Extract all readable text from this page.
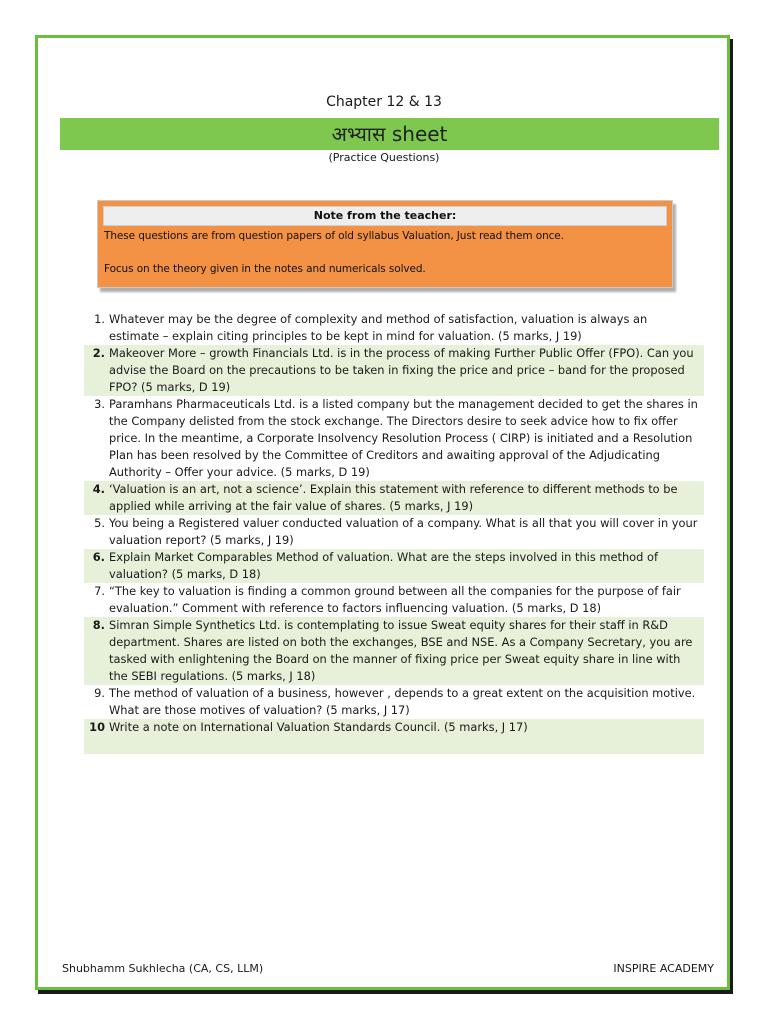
Chapter 12 & 13
अभ्यास sheet
(Practice Questions)
Note from the teacher:
These questions are from question papers of old syllabus Valuation, Just read them once.
Focus on the theory given in the notes and numericals solved.
1. Whatever may be the degree of complexity and method of satisfaction, valuation is always an estimate – explain citing principles to be kept in mind for valuation. (5 marks, J 19)
2. Makeover More – growth Financials Ltd. is in the process of making Further Public Offer (FPO). Can you advise the Board on the precautions to be taken in fixing the price and price – band for the proposed FPO? (5 marks, D 19)
3. Paramhans Pharmaceuticals Ltd. is a listed company but the management decided to get the shares in the Company delisted from the stock exchange. The Directors desire to seek advice how to fix offer price. In the meantime, a Corporate Insolvency Resolution Process ( CIRP) is initiated and a Resolution Plan has been resolved by the Committee of Creditors and awaiting approval of the Adjudicating Authority – Offer your advice. (5 marks, D 19)
4. ‘Valuation is an art, not a science’. Explain this statement with reference to different methods to be applied while arriving at the fair value of shares. (5 marks, J 19)
5. You being a Registered valuer conducted valuation of a company. What is all that you will cover in your valuation report? (5 marks, J 19)
6. Explain Market Comparables Method of valuation. What are the steps involved in this method of valuation? (5 marks, D 18)
7. “The key to valuation is finding a common ground between all the companies for the purpose of fair evaluation.” Comment with reference to factors influencing valuation. (5 marks, D 18)
8. Simran Simple Synthetics Ltd. is contemplating to issue Sweat equity shares for their staff in R&D department. Shares are listed on both the exchanges, BSE and NSE. As a Company Secretary, you are tasked with enlightening the Board on the manner of fixing price per Sweat equity share in line with the SEBI regulations. (5 marks, J 18)
9. The method of valuation of a business, however , depends to a great extent on the acquisition motive. What are those motives of valuation? (5 marks, J 17)
10 Write a note on International Valuation Standards Council. (5 marks, J 17)
Shubhamm Sukhlecha (CA, CS, LLM)	INSPIRE ACADEMY
